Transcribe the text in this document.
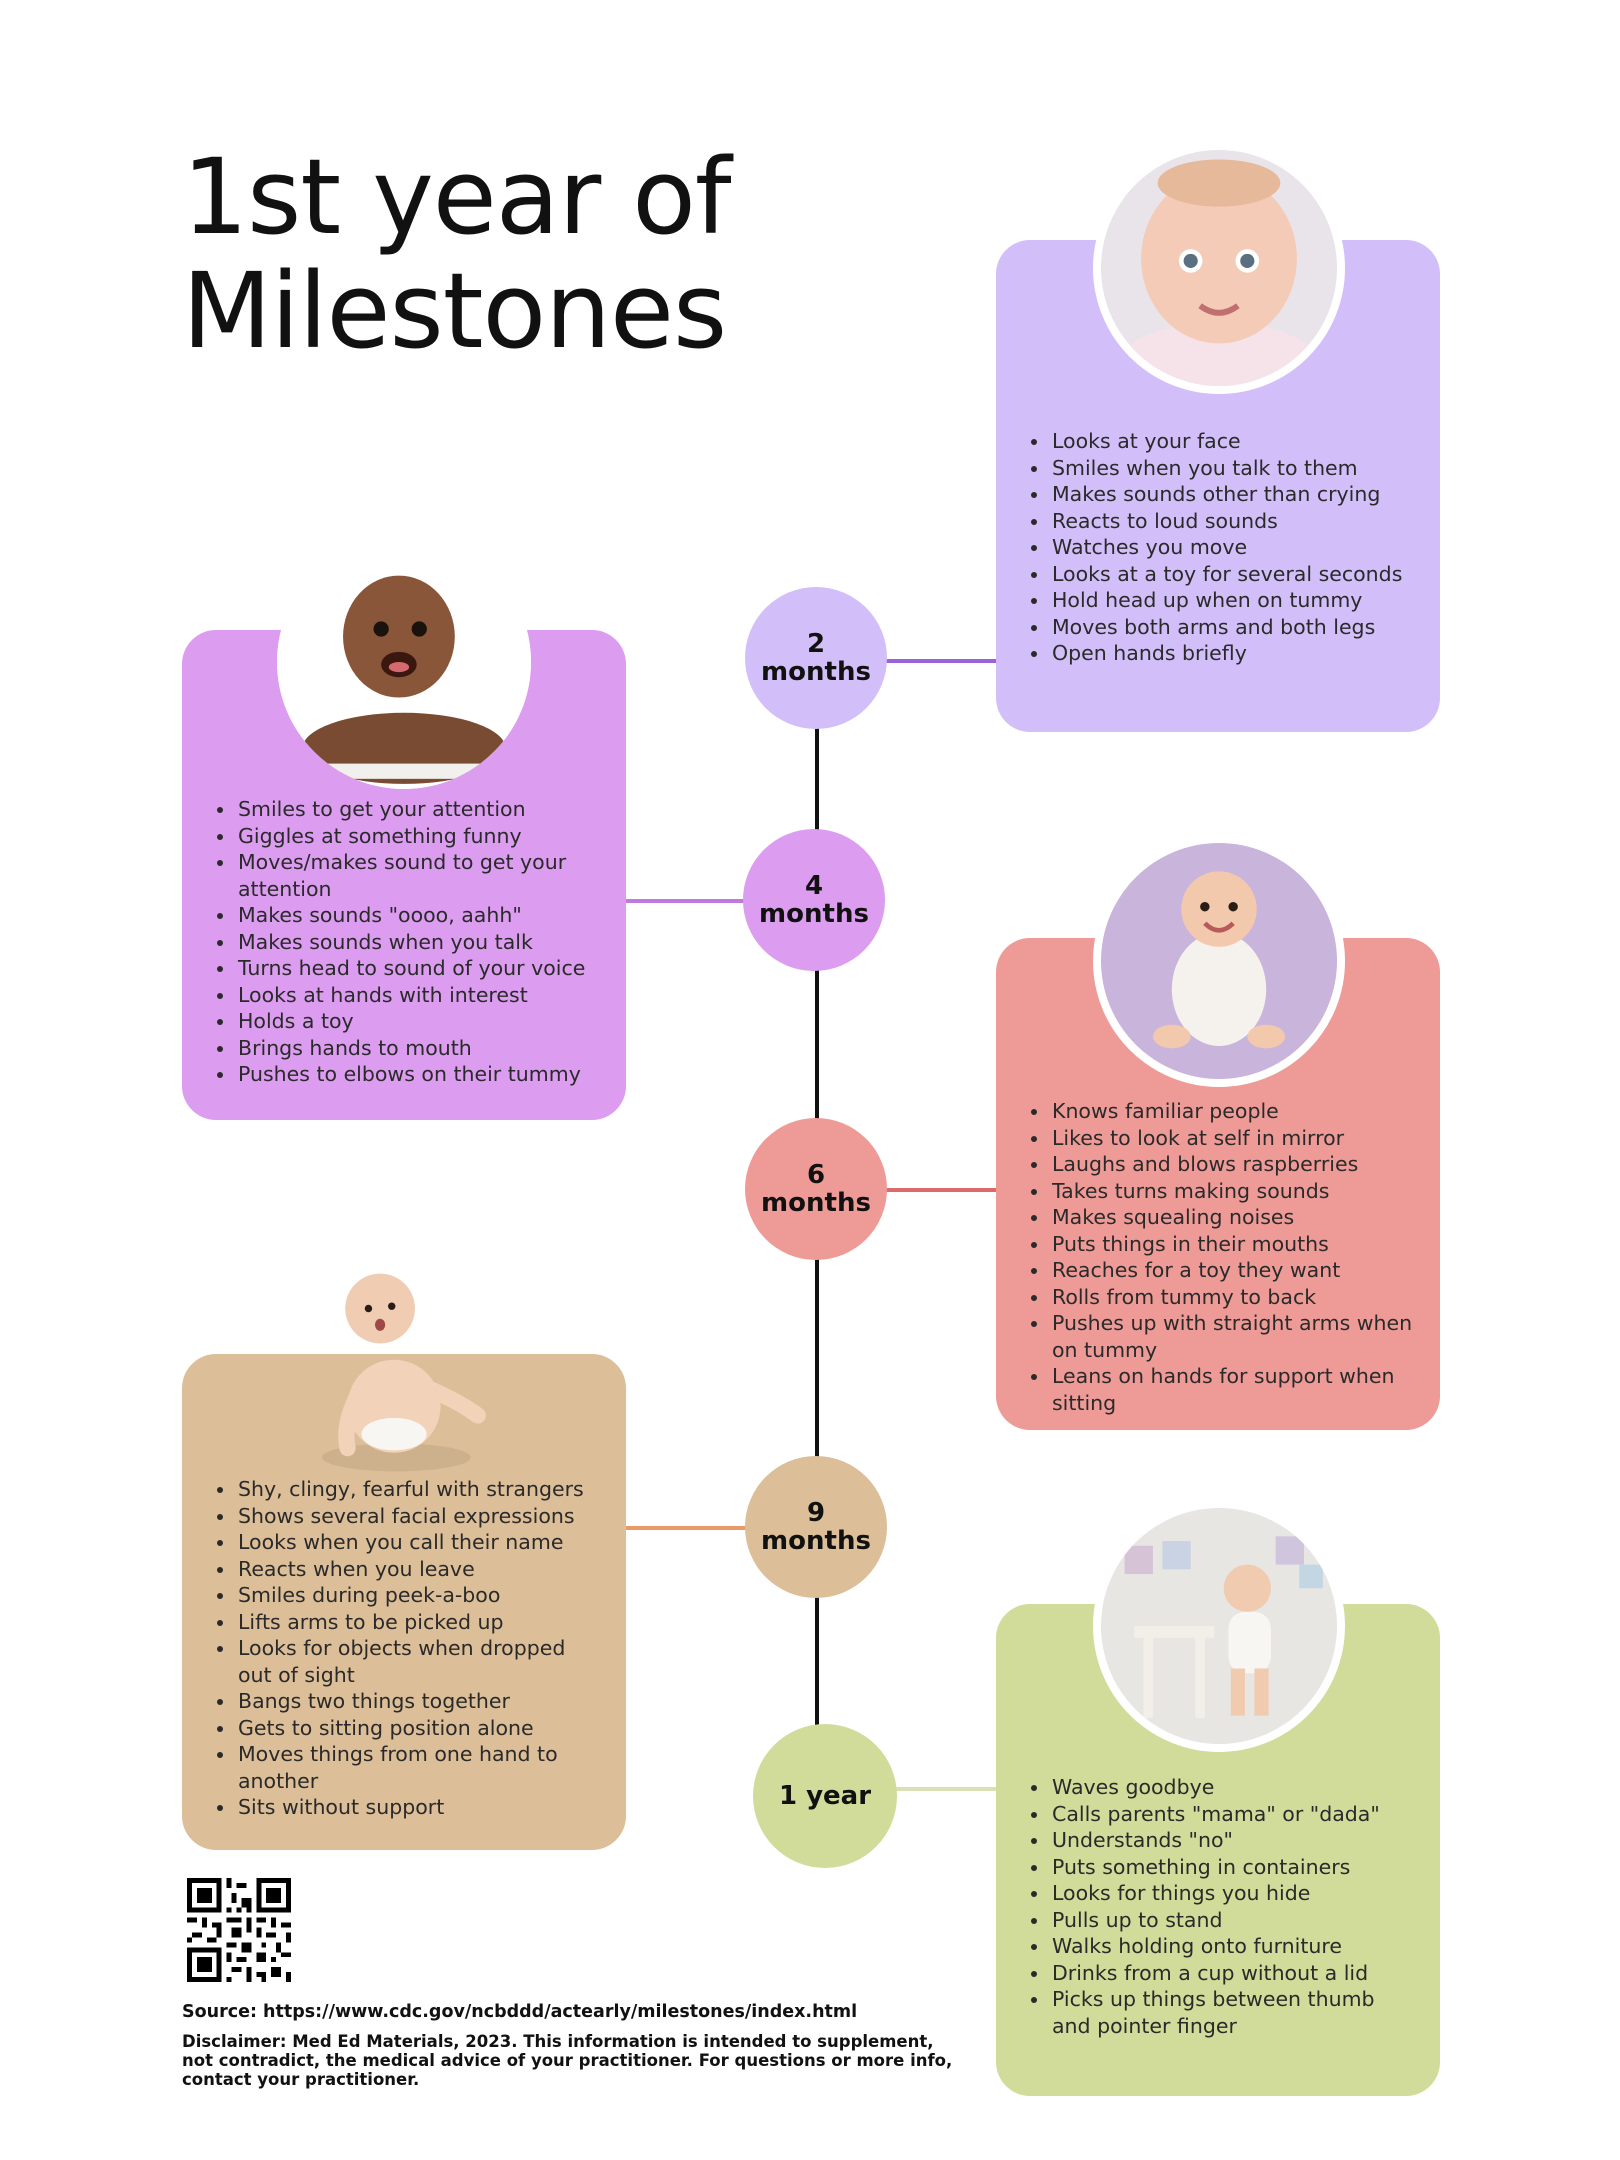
1st year of
Milestones
• Looks at your face
• Smiles when you talk to them
• Makes sounds other than crying
• Reacts to loud sounds
• Watches you move
• Looks at a toy for several seconds
• Hold head up when on tummy
• Moves both arms and both legs
• Open hands briefly
• Smiles to get your attention
• Giggles at something funny
• Moves/makes sound to get your attention
• Makes sounds "oooo, aahh"
• Makes sounds when you talk
• Turns head to sound of your voice
• Looks at hands with interest
• Holds a toy
• Brings hands to mouth
• Pushes to elbows on their tummy
• Knows familiar people
• Likes to look at self in mirror
• Laughs and blows raspberries
• Takes turns making sounds
• Makes squealing noises
• Puts things in their mouths
• Reaches for a toy they want
• Rolls from tummy to back
• Pushes up with straight arms when on tummy
• Leans on hands for support when sitting
• Shy, clingy, fearful with strangers
• Shows several facial expressions
• Looks when you call their name
• Reacts when you leave
• Smiles during peek-a-boo
• Lifts arms to be picked up
• Looks for objects when dropped out of sight
• Bangs two things together
• Gets to sitting position alone
• Moves things from one hand to another
• Sits without support
• Waves goodbye
• Calls parents "mama" or "dada"
• Understands "no"
• Puts something in containers
• Looks for things you hide
• Pulls up to stand
• Walks holding onto furniture
• Drinks from a cup without a lid
• Picks up things between thumb and pointer finger
2
months
4
months
6
months
9
months
1 year

Source: https://www.cdc.gov/ncbddd/actearly/milestones/index.html

Disclaimer: Med Ed Materials, 2023. This information is intended to supplement, not contradict, the medical advice of your practitioner. For questions or more info, contact your practitioner.
